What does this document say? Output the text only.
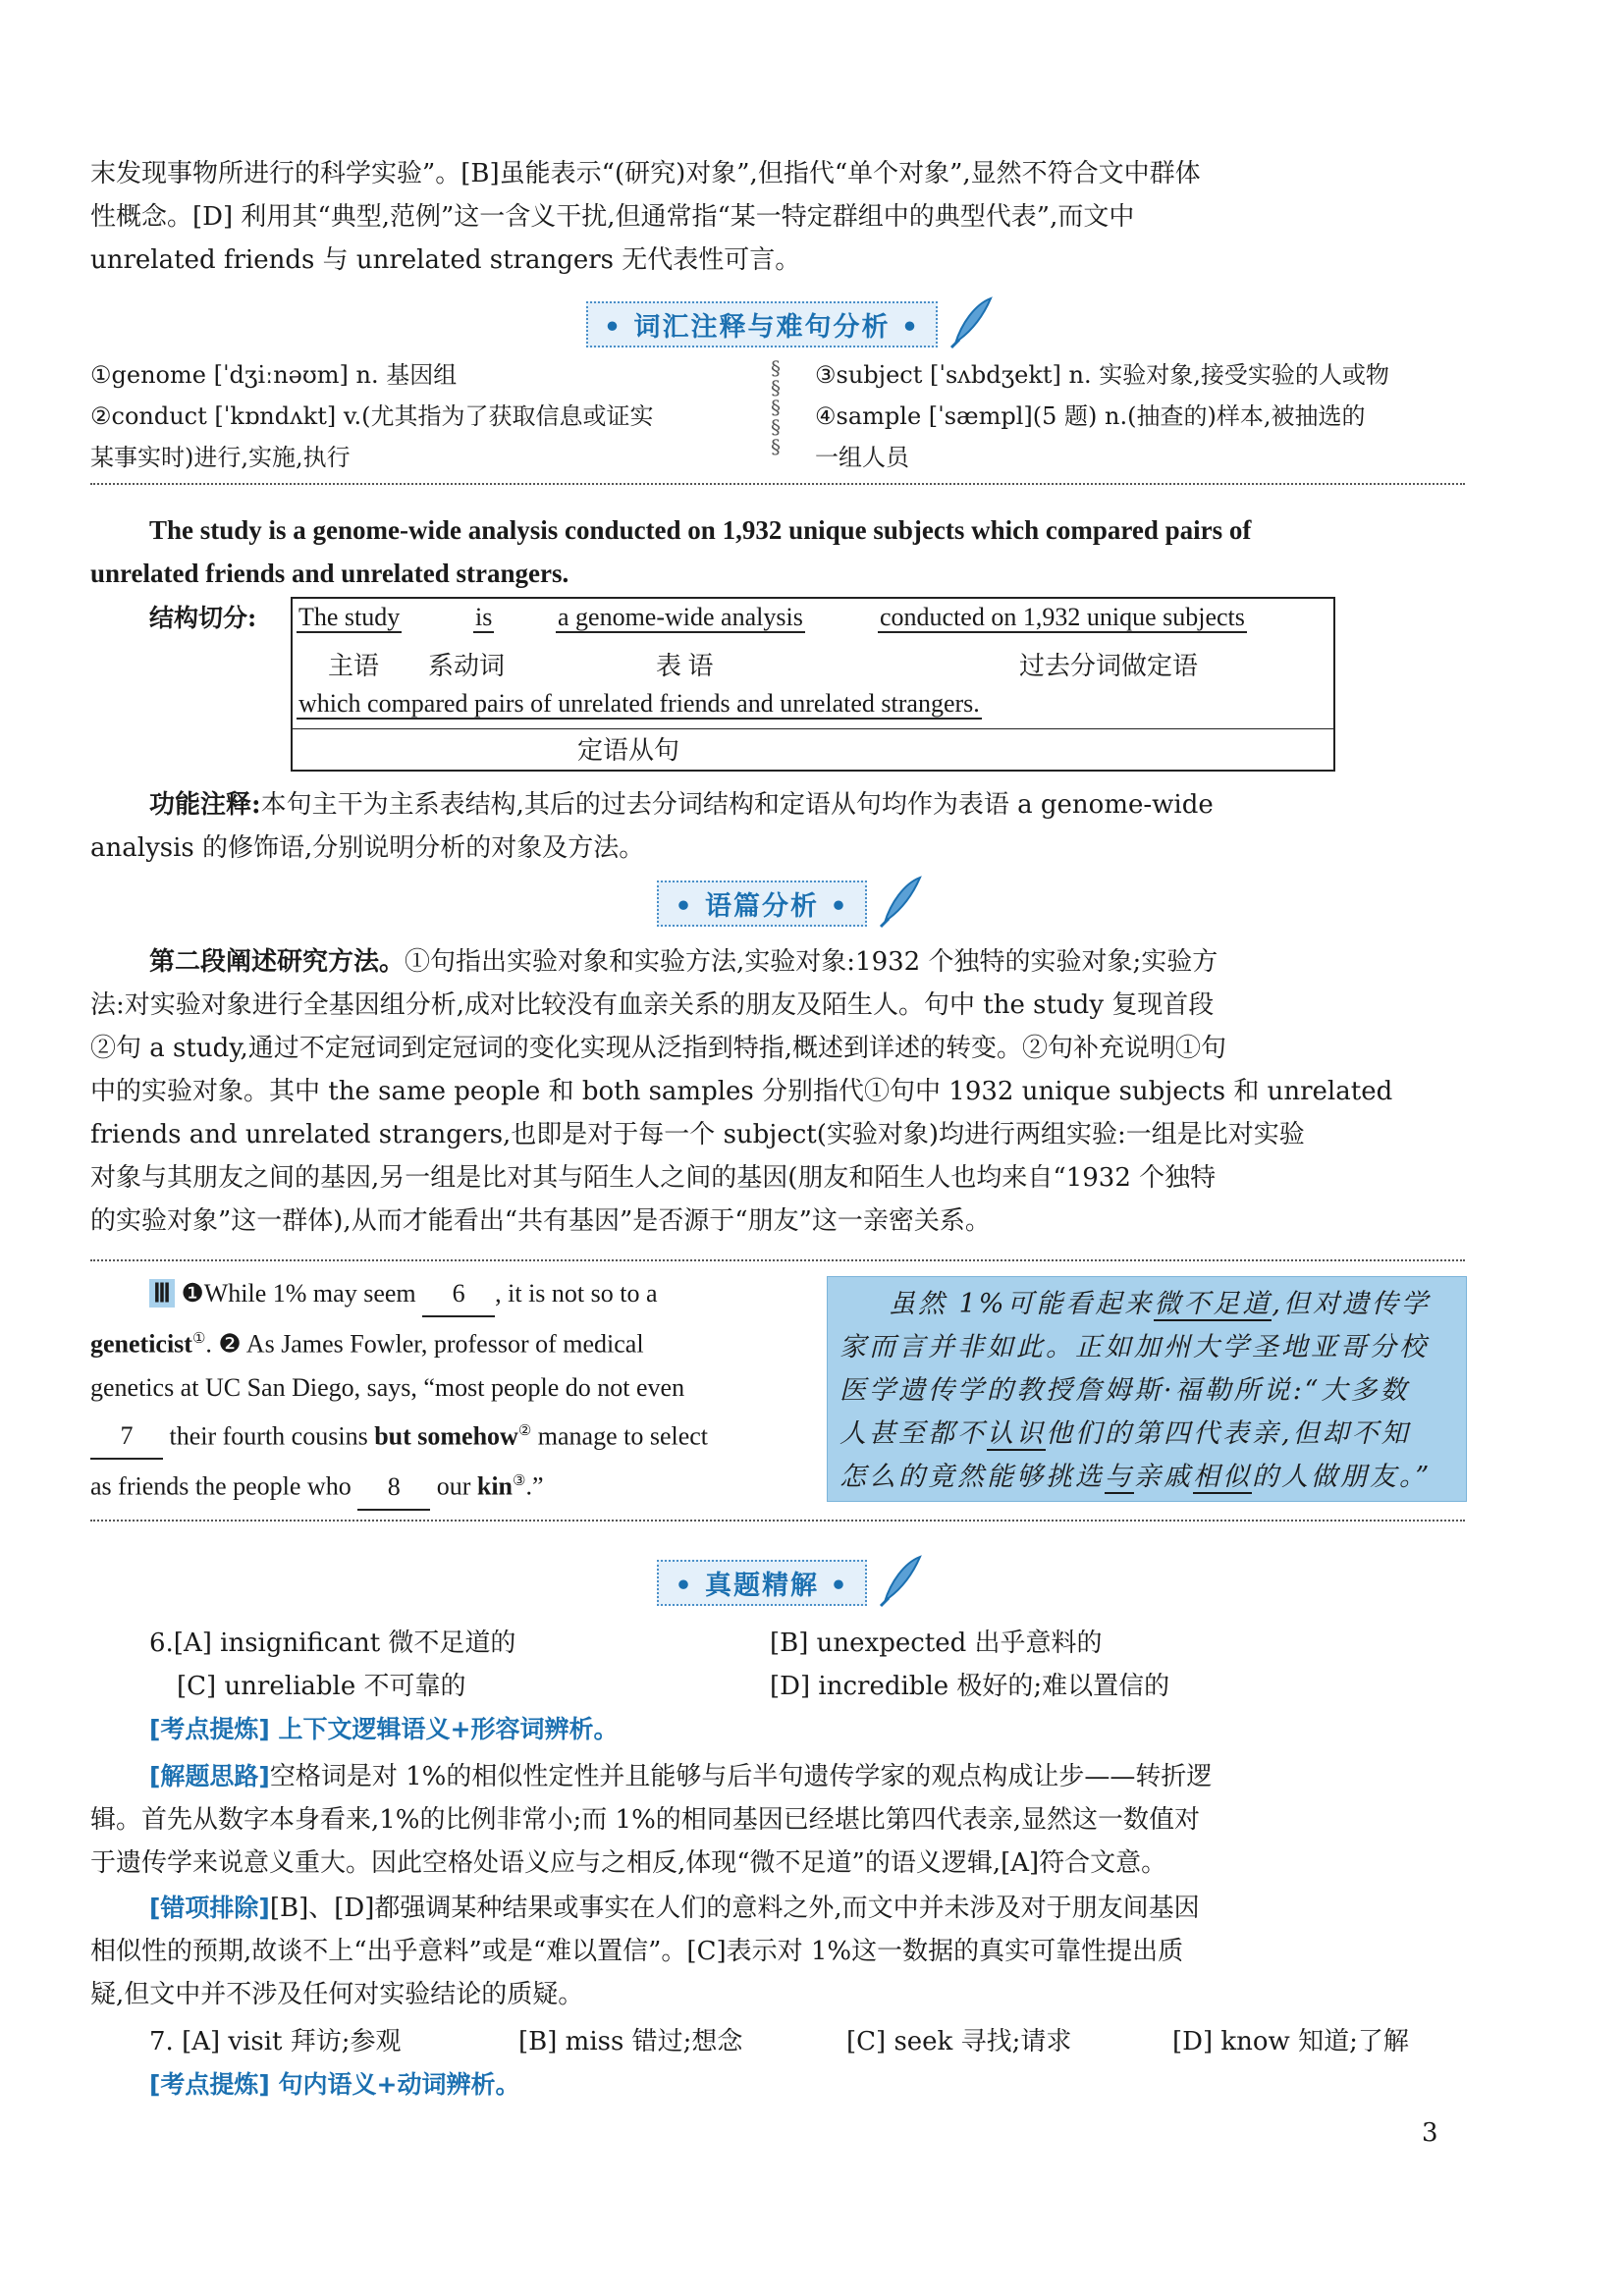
末发现事物所进行的科学实验”。[B]虽能表示“(研究)对象”,但指代“单个对象”,显然不符合文中群体

性概念。[D] 利用其“典型,范例”这一含义干扰,但通常指“某一特定群组中的典型代表”,而文中

unrelated friends 与 unrelated strangers 无代表性可言。

• 词汇注释与难句分析 •
①genome [ˈdʒiːnəʊm] n. 基因组
②conduct [ˈkɒndʌkt] v.(尤其指为了获取信息或证实
某事实时)进行,实施,执行
§
§
§
§
§
③subject [ˈsʌbdʒekt] n. 实验对象,接受实验的人或物
④sample [ˈsæmpl](5 题) n.(抽查的)样本,被抽选的
一组人员

The study is a genome-wide analysis conducted on 1,932 unique subjects which compared pairs of

unrelated friends and unrelated strangers.

结构切分: The study	is	a genome-wide analysis	conducted on 1,932 unique subjects
主语 系动词	表 语	过去分词做定语
which compared pairs of unrelated friends and unrelated strangers.
定语从句

功能注释:本句主干为主系表结构,其后的过去分词结构和定语从句均作为表语 a genome-wide

analysis 的修饰语,分别说明分析的对象及方法。

• 语篇分析 •

第二段阐述研究方法。①句指出实验对象和实验方法,实验对象:1932 个独特的实验对象;实验方

法:对实验对象进行全基因组分析,成对比较没有血亲关系的朋友及陌生人。句中 the study 复现首段

②句 a study,通过不定冠词到定冠词的变化实现从泛指到特指,概述到详述的转变。②句补充说明①句

中的实验对象。其中 the same people 和 both samples 分别指代①句中 1932 unique subjects 和 unrelated

friends and unrelated strangers,也即是对于每一个 subject(实验对象)均进行两组实验:一组是比对实验

对象与其朋友之间的基因,另一组是比对其与陌生人之间的基因(朋友和陌生人也均来自“1932 个独特

的实验对象”这一群体),从而才能看出“共有基因”是否源于“朋友”这一亲密关系。

Ⅲ ❶While 1% may seem 6 , it is not so to a
geneticist①. ❷ As James Fowler, professor of medical
genetics at UC San Diego, says, “most people do not even
7 their fourth cousins but somehow② manage to select
as friends the people who 8 our kin③.”

虽然 1%可能看起来微不足道,但对遗传学

家而言并非如此。正如加州大学圣地亚哥分校

医学遗传学的教授詹姆斯·福勒所说:“大多数

人甚至都不认识他们的第四代表亲,但却不知

怎么的竟然能够挑选与亲戚相似的人做朋友。”

• 真题精解 •

6.[A] insignificant 微不足道的	[B] unexpected 出乎意料的

[C] unreliable 不可靠的	[D] incredible 极好的;难以置信的

[考点提炼] 上下文逻辑语义+形容词辨析。

[解题思路]空格词是对 1%的相似性定性并且能够与后半句遗传学家的观点构成让步——转折逻

辑。首先从数字本身看来,1%的比例非常小;而 1%的相同基因已经堪比第四代表亲,显然这一数值对

于遗传学来说意义重大。因此空格处语义应与之相反,体现“微不足道”的语义逻辑,[A]符合文意。

[错项排除][B]、[D]都强调某种结果或事实在人们的意料之外,而文中并未涉及对于朋友间基因

相似性的预期,故谈不上“出乎意料”或是“难以置信”。[C]表示对 1%这一数据的真实可靠性提出质

疑,但文中并不涉及任何对实验结论的质疑。

7. [A] visit 拜访;参观	[B] miss 错过;想念	[C] seek 寻找;请求	[D] know 知道;了解

[考点提炼] 句内语义+动词辨析。

3
